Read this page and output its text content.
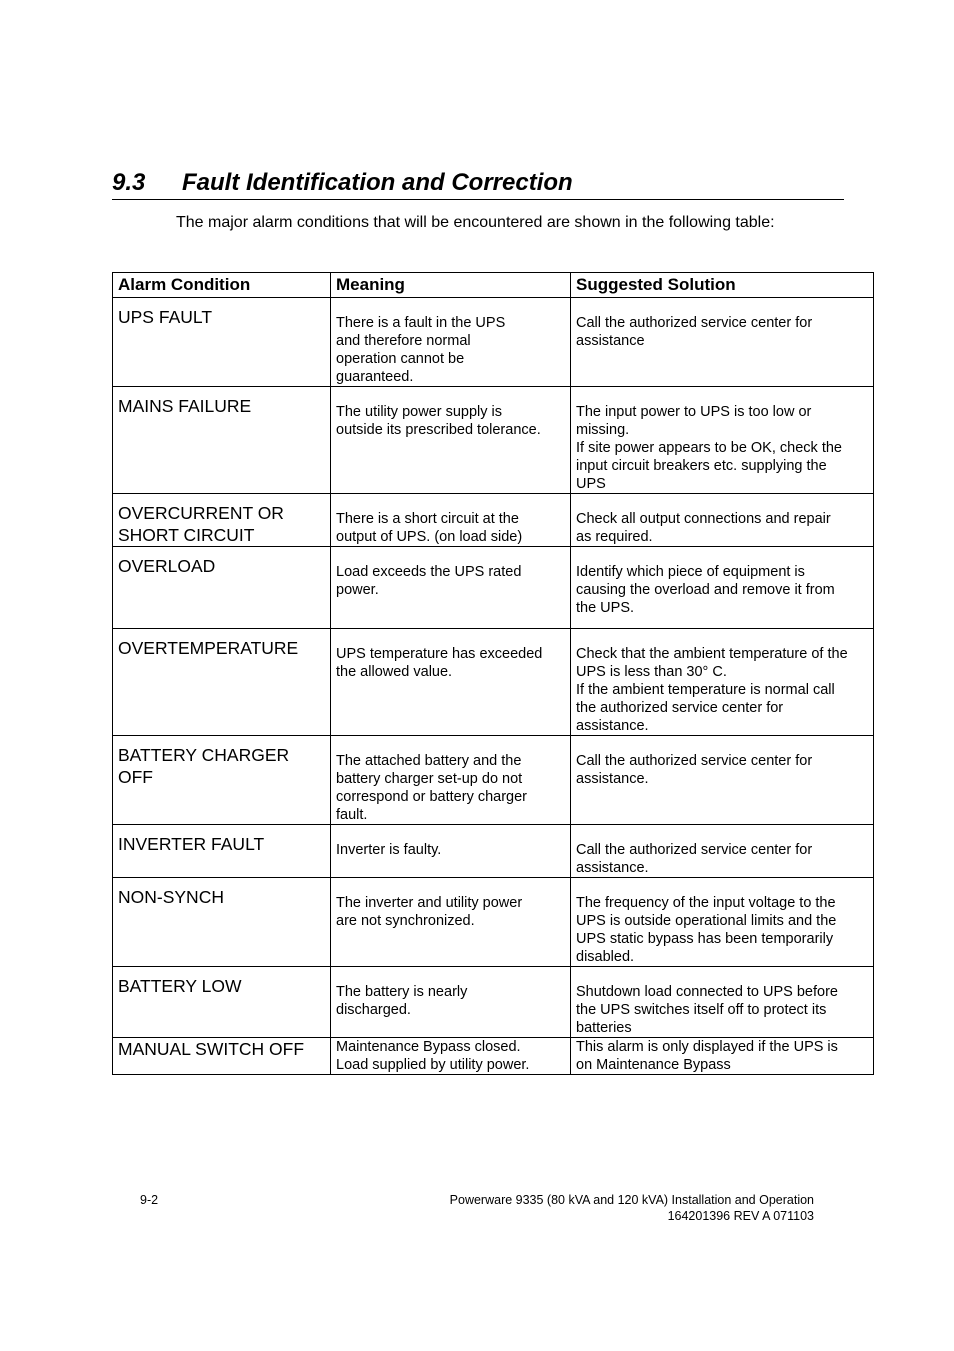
9.3 Fault Identification and Correction
The major alarm conditions that will be encountered are shown in the following table:
Alarm Condition	Meaning	Suggested Solution

UPS FAULT	There is a fault in the UPS
and therefore normal
operation cannot be
guaranteed.	Call the authorized service center for
assistance

MAINS FAILURE	The utility power supply is
outside its prescribed tolerance.	The input power to UPS is too low or
missing.
If site power appears to be OK, check the
input circuit breakers etc. supplying the
UPS

OVERCURRENT OR
SHORT CIRCUIT	There is a short circuit at the
output of UPS. (on load side)	Check all output connections and repair
as required.

OVERLOAD	Load exceeds the UPS rated
power.	Identify which piece of equipment is
causing the overload and remove it from
the UPS.

OVERTEMPERATURE	UPS temperature has exceeded
the allowed value.	Check that the ambient temperature of the
UPS is less than 30° C.
If the ambient temperature is normal call
the authorized service center for
assistance.

BATTERY CHARGER
OFF	The attached battery and the
battery charger set-up do not
correspond or battery charger
fault.	Call the authorized service center for
assistance.

INVERTER FAULT	Inverter is faulty.	Call the authorized service center for
assistance.

NON-SYNCH	The inverter and utility power
are not synchronized.	The frequency of the input voltage to the
UPS is outside operational limits and the
UPS static bypass has been temporarily
disabled.

BATTERY LOW	The battery is nearly
discharged.	Shutdown load connected to UPS before
the UPS switches itself off to protect its
batteries

MANUAL SWITCH OFF	Maintenance Bypass closed.
Load supplied by utility power.	This alarm is only displayed if the UPS is
on Maintenance Bypass
9-2	Powerware 9335 (80 kVA and 120 kVA) Installation and Operation
164201396 REV A 071103
